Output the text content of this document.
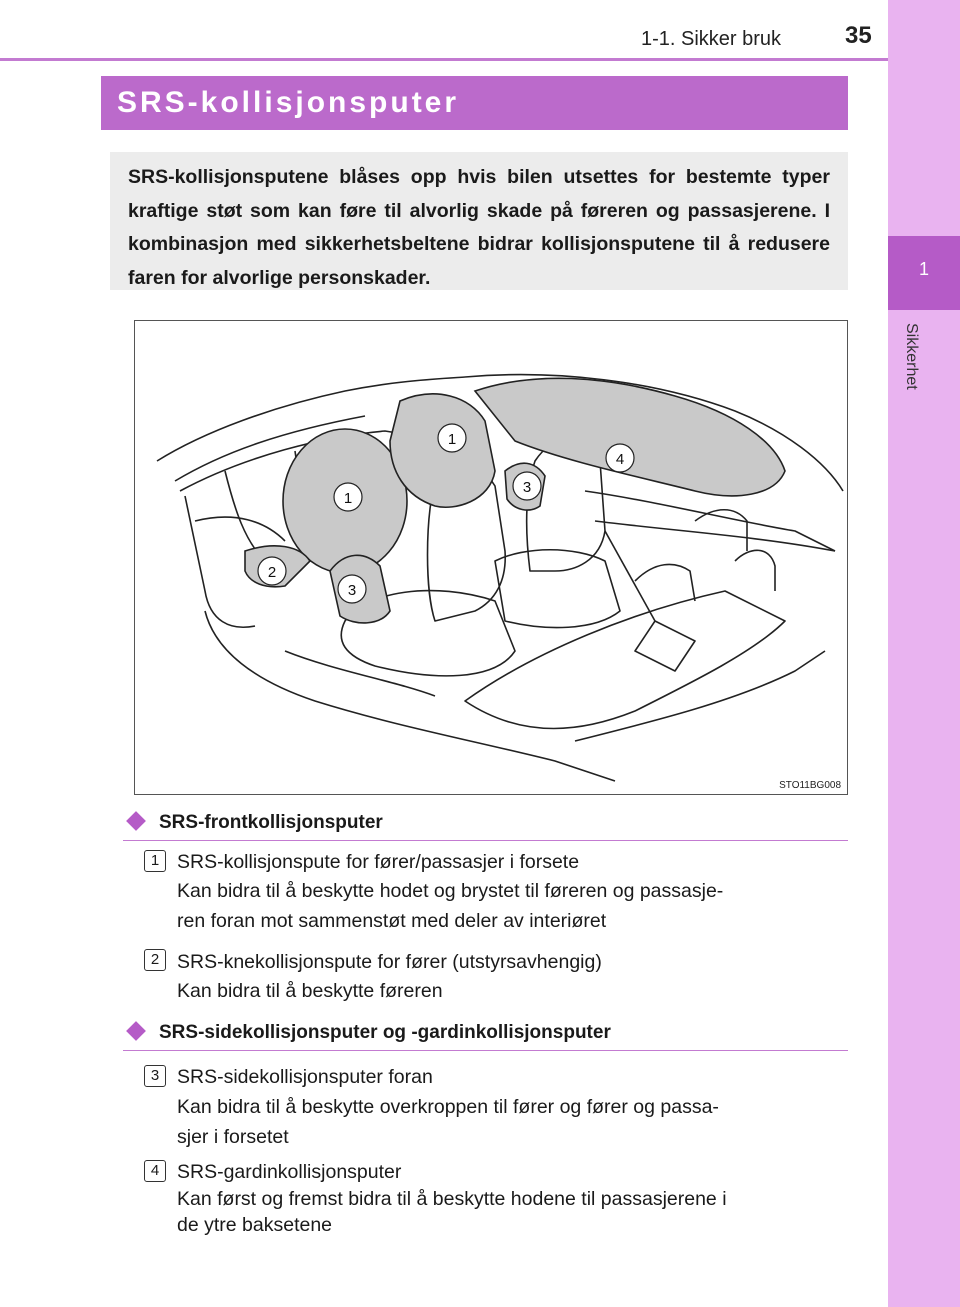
1-1. Sikker bruk	35
1
Sikkerhet
SRS-kollisjonsputer
SRS-kollisjonsputene blåses opp hvis bilen utsettes for bestemte typer kraftige støt som kan føre til alvorlig skade på føreren og passasjerene. I kombinasjon med sikkerhetsbeltene bidrar kollisjonsputene til å redusere faren for alvorlige personskader.
1
1
2
3
3
4
STO11BG008
SRS-frontkollisjonsputer
1 SRS-kollisjonspute for fører/passasjer i forsete
Kan bidra til å beskytte hodet og brystet til føreren og passasje-
ren foran mot sammenstøt med deler av interiøret
2 SRS-knekollisjonspute for fører (utstyrsavhengig)
Kan bidra til å beskytte føreren
SRS-sidekollisjonsputer og -gardinkollisjonsputer
3 SRS-sidekollisjonsputer foran
Kan bidra til å beskytte overkroppen til fører og fører og passa-
sjer i forsetet
4 SRS-gardinkollisjonsputer
Kan først og fremst bidra til å beskytte hodene til passasjerene i
de ytre baksetene
